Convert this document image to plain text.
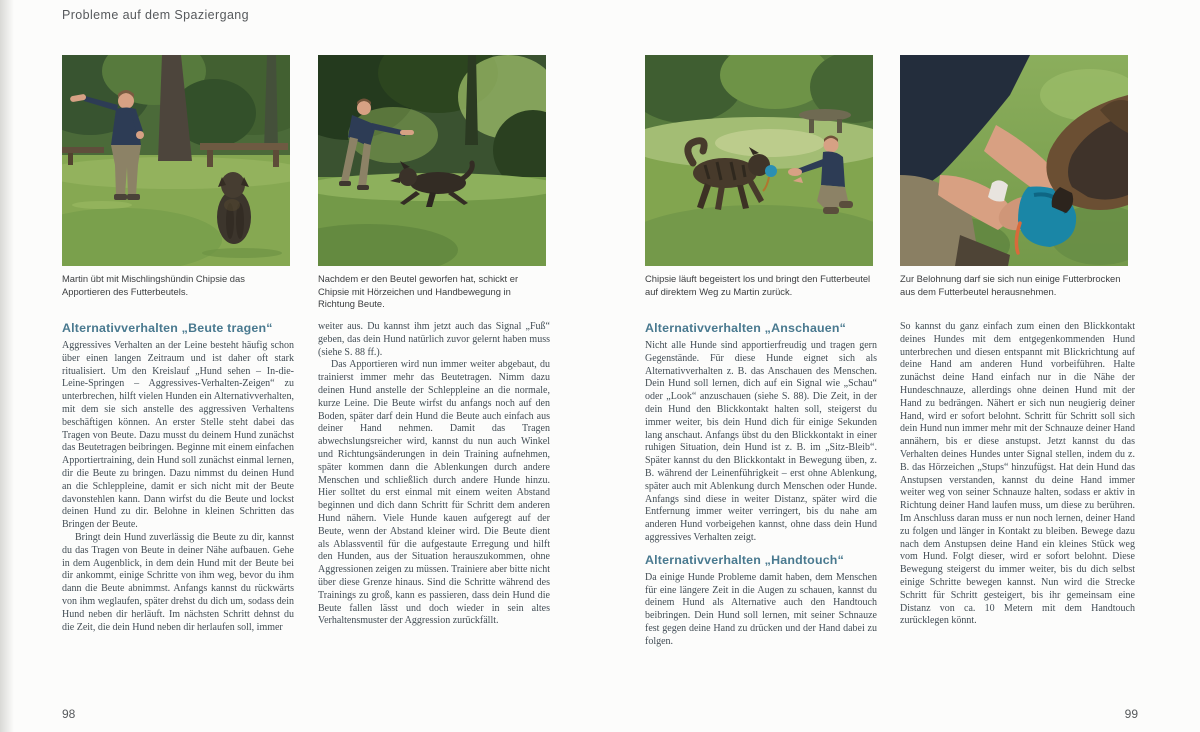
Probleme auf dem Spaziergang
Martin übt mit Mischlingshündin Chipsie das Apportieren des Futterbeutels.
Nachdem er den Beutel geworfen hat, schickt er Chipsie mit Hörzeichen und Handbewegung in Richtung Beute.
Chipsie läuft begeistert los und bringt den Futterbeutel auf direktem Weg zu Martin zurück.
Zur Belohnung darf sie sich nun einige Futterbrocken aus dem Futterbeutel herausnehmen.
Alternativverhalten „Beute tragen“

Aggressives Verhalten an der Leine besteht häufig schon über einen langen Zeitraum und ist daher oft stark ritualisiert. Um den Kreislauf „Hund sehen – In-die-Leine-Springen – Aggressives-Verhalten-Zeigen“ zu unterbrechen, hilft vielen Hunden ein Alternativverhalten, mit dem sie sich anstelle des aggressiven Verhaltens beschäftigen können. An erster Stelle steht dabei das Tragen von Beute. Dazu musst du deinem Hund zunächst das Beutetragen beibringen. Beginne mit einem einfachen Apportiertraining, dein Hund soll zunächst einmal lernen, dir die Beute zu bringen. Dazu nimmst du deinen Hund an die Schleppleine, damit er sich nicht mit der Beute davonstehlen kann. Dann wirfst du die Beute und lockst deinen Hund zu dir. Belohne in kleinen Schritten das Bringen der Beute.

Bringt dein Hund zuverlässig die Beute zu dir, kannst du das Tragen von Beute in deiner Nähe aufbauen. Gehe in dem Augenblick, in dem dein Hund mit der Beute bei dir ankommt, einige Schritte von ihm weg, bevor du ihm dann die Beute abnimmst. Anfangs kannst du rückwärts von ihm weglaufen, später drehst du dich um, sodass dein Hund neben dir herläuft. Im nächsten Schritt dehnst du die Zeit, die dein Hund neben dir herlaufen soll, immer

weiter aus. Du kannst ihm jetzt auch das Signal „Fuß“ geben, das dein Hund natürlich zuvor gelernt haben muss (siehe S. 88 ff.).

Das Apportieren wird nun immer weiter abgebaut, du trainierst immer mehr das Beutetragen. Nimm dazu deinen Hund anstelle der Schleppleine an die normale, kurze Leine. Die Beute wirfst du anfangs noch auf den Boden, später darf dein Hund die Beute auch einfach aus deiner Hand nehmen. Damit das Tragen abwechslungsreicher wird, kannst du nun auch Winkel und Richtungsänderungen in dein Training aufnehmen, später kommen dann die Ablenkungen durch andere Menschen und schließlich durch andere Hunde hinzu. Hier solltet du erst einmal mit einem weiten Abstand beginnen und dich dann Schritt für Schritt dem anderen Hund nähern. Viele Hunde kauen aufgeregt auf der Beute, wenn der Abstand kleiner wird. Die Beute dient als Ablassventil für die aufgestaute Erregung und hilft den Hunden, aus der Situation herauszukommen, ohne Aggressionen zeigen zu müssen. Trainiere aber bitte nicht über diese Grenze hinaus. Sind die Schritte während des Trainings zu groß, kann es passieren, dass dein Hund die Beute fallen lässt und doch wieder in sein altes Verhaltensmuster der Aggression zurückfällt.

Alternativverhalten „Anschauen“

Nicht alle Hunde sind apportierfreudig und tragen gern Gegenstände. Für diese Hunde eignet sich als Alternativverhalten z. B. das Anschauen des Menschen. Dein Hund soll lernen, dich auf ein Signal wie „Schau“ oder „Look“ anzuschauen (siehe S. 88). Die Zeit, in der dein Hund den Blickkontakt halten soll, steigerst du immer weiter, bis dein Hund dich für einige Sekunden lang anschaut. Anfangs übst du den Blickkontakt in einer ruhigen Situation, dein Hund ist z. B. im „Sitz-Bleib“. Später kannst du den Blickkontakt in Bewegung üben, z. B. während der Leinenführigkeit – erst ohne Ablenkung, später auch mit Ablenkung durch Menschen oder Hunde. Anfangs sind diese in weiter Distanz, später wird die Entfernung immer weiter verringert, bis du nahe am anderen Hund vorbeigehen kannst, ohne dass dein Hund aggressives Verhalten zeigt.

Alternativverhalten „Handtouch“

Da einige Hunde Probleme damit haben, dem Menschen für eine längere Zeit in die Augen zu schauen, kannst du deinem Hund als Alternative auch den Handtouch beibringen. Dein Hund soll lernen, mit seiner Schnauze fest gegen deine Hand zu drücken und der Hand dabei zu folgen.

So kannst du ganz einfach zum einen den Blickkontakt deines Hundes mit dem entgegenkommenden Hund unterbrechen und diesen entspannt mit Blickrichtung auf deine Hand am anderen Hund vorbeiführen. Halte zunächst deine Hand einfach nur in die Nähe der Hundeschnauze, allerdings ohne deinen Hund mit der Hand zu bedrängen. Nähert er sich nun neugierig deiner Hand, wird er sofort belohnt. Schritt für Schritt soll sich dein Hund nun immer mehr mit der Schnauze deiner Hand annähern, bis er diese anstupst. Jetzt kannst du das Verhalten deines Hundes unter Signal stellen, indem du z. B. das Hörzeichen „Stups“ hinzufügst. Hat dein Hund das Anstupsen verstanden, kannst du deine Hand immer weiter weg von seiner Schnauze halten, sodass er aktiv in Richtung deiner Hand laufen muss, um diese zu berühren. Im Anschluss daran muss er nun noch lernen, deiner Hand zu folgen und länger in Kontakt zu bleiben. Bewege dazu nach dem Anstupsen deine Hand ein kleines Stück weg vom Hund. Folgt dieser, wird er sofort belohnt. Diese Bewegung steigerst du immer weiter, bis du dich selbst einige Schritte bewegen kannst. Nun wird die Strecke Schritt für Schritt gesteigert, bis ihr gemeinsam eine Distanz von ca. 10 Metern mit dem Handtouch zurücklegen könnt.

98	99
